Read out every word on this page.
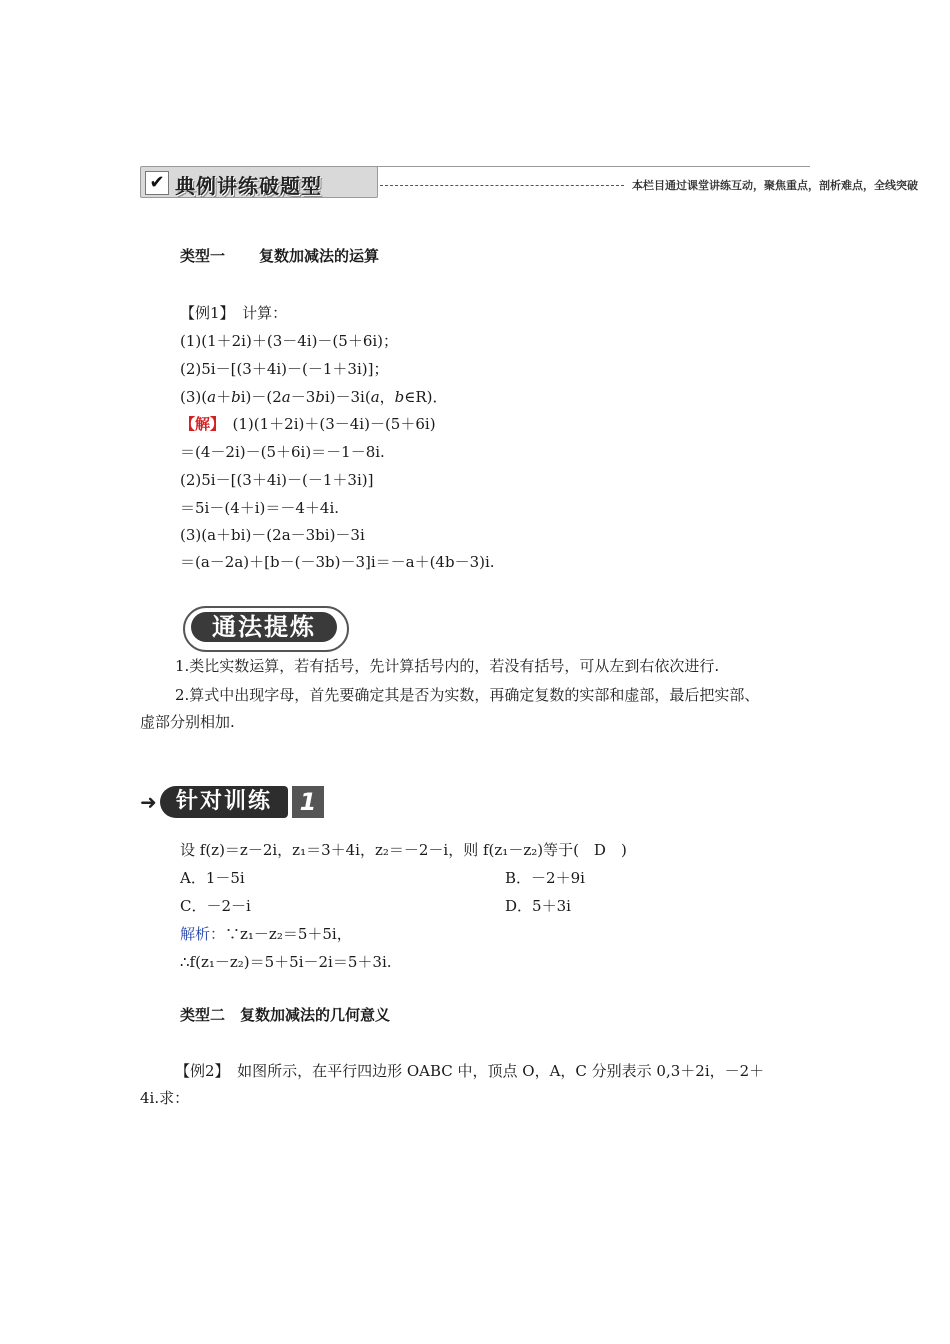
✔ 典例讲练破题型	本栏目通过课堂讲练互动，聚焦重点，剖析难点，全线突破
类型一 复数加减法的运算
【例1】　 计算：
(1)(1＋2i)＋(3－4i)－(5＋6i)；
(2)5i－[(3＋4i)－(－1＋3i)]；
(3)(a＋bi)－(2a－3bi)－3i(a，b∈R)．
【解】　 (1)(1＋2i)＋(3－4i)－(5＋6i)
＝(4－2i)－(5＋6i)＝－1－8i.
(2)5i－[(3＋4i)－(－1＋3i)]
＝5i－(4＋i)＝－4＋4i.
(3)(a＋bi)－(2a－3bi)－3i
＝(a－2a)＋[b－(－3b)－3]i＝－a＋(4b－3)i.
通法提炼
1.类比实数运算，若有括号，先计算括号内的，若没有括号，可从左到右依次进行.
2.算式中出现字母，首先要确定其是否为实数，再确定复数的实部和虚部，最后把实部、
虚部分别相加.
➜ 针对训练	1
设 f(z)＝z－2i，z₁＝3＋4i，z₂＝－2－i，则 f(z₁－z₂)等于(　D　)
A．1－5i	B．－2＋9i
C．－2－i	D．5＋3i
解析：∵z₁－z₂＝5＋5i，
∴f(z₁－z₂)＝5＋5i－2i＝5＋3i.
类型二　 复数加减法的几何意义
【例2】　 如图所示，在平行四边形 OABC 中，顶点 O，A，C 分别表示 0,3＋2i，－2＋
4i.求：
